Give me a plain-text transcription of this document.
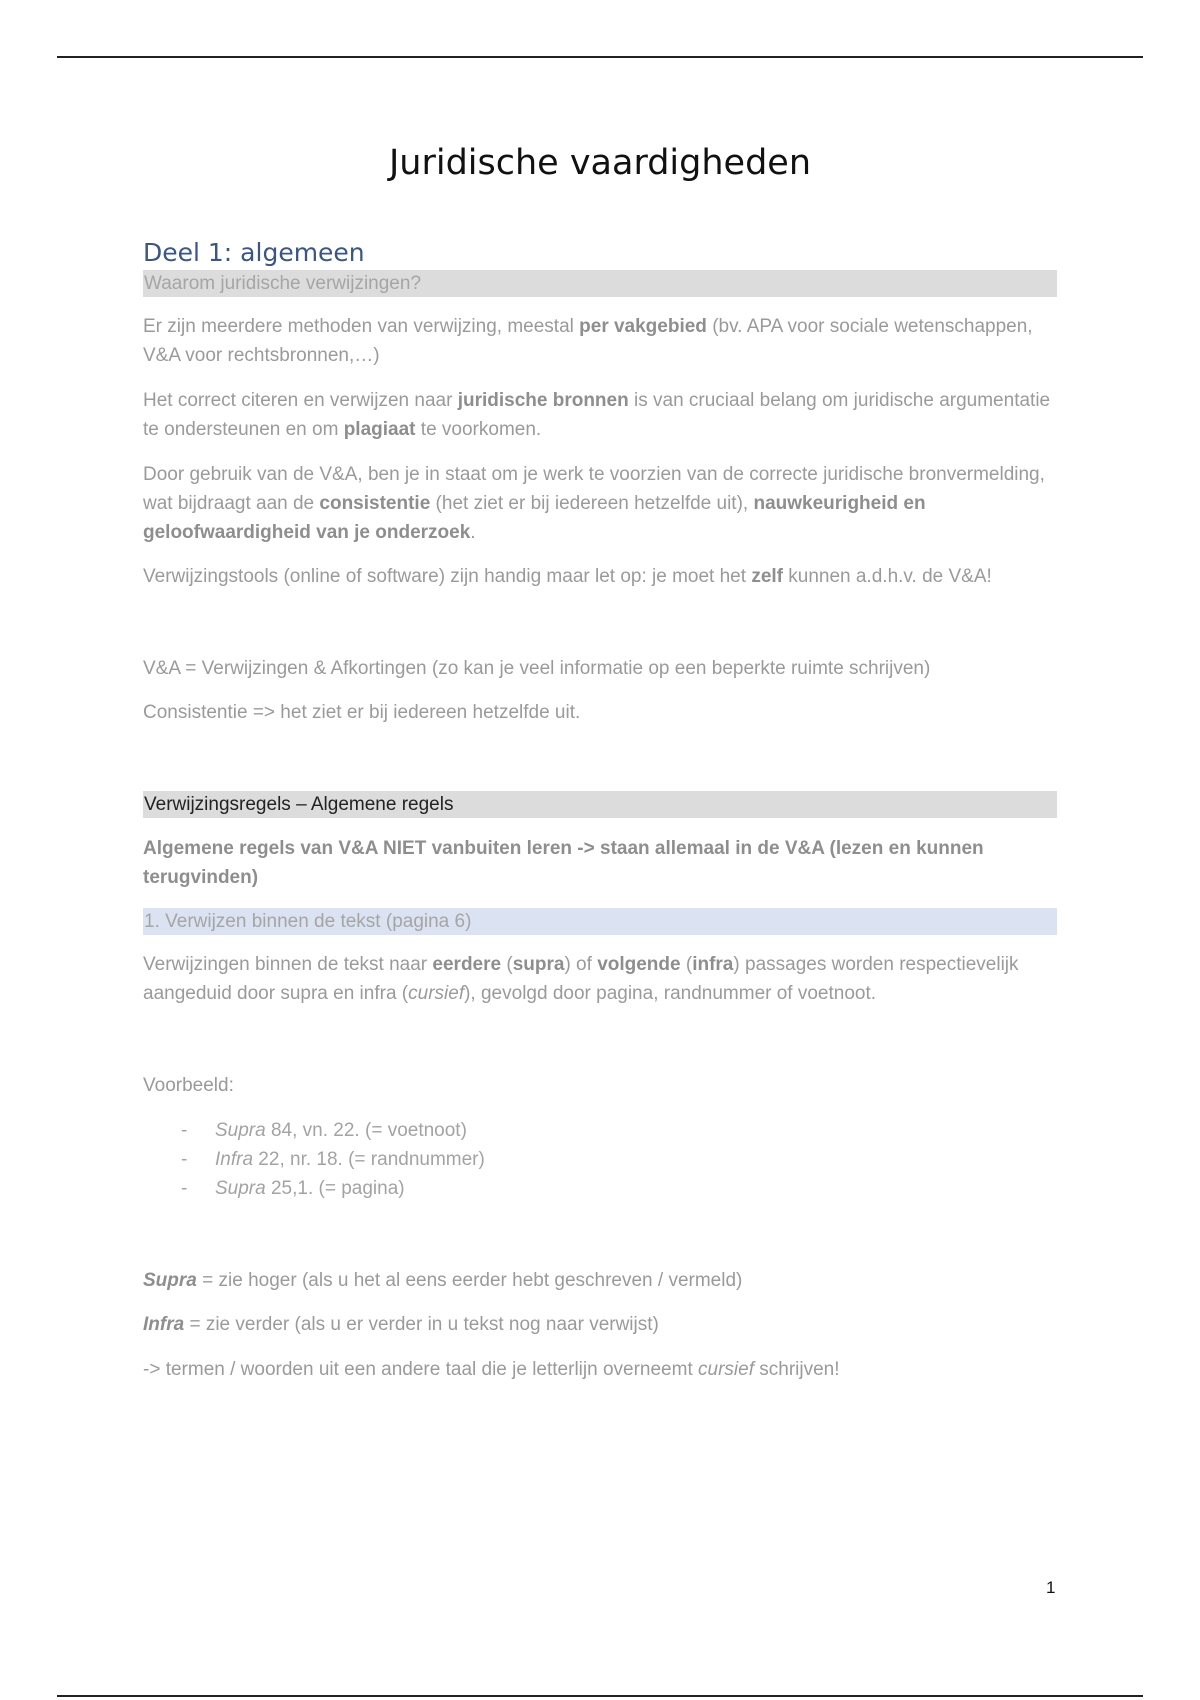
Juridische vaardigheden
Deel 1: algemeen
Waarom juridische verwijzingen?

Er zijn meerdere methoden van verwijzing, meestal per vakgebied (bv. APA voor sociale wetenschappen, V&A voor rechtsbronnen,…)

Het correct citeren en verwijzen naar juridische bronnen is van cruciaal belang om juridische argumentatie te ondersteunen en om plagiaat te voorkomen.

Door gebruik van de V&A, ben je in staat om je werk te voorzien van de correcte juridische bronvermelding, wat bijdraagt aan de consistentie (het ziet er bij iedereen hetzelfde uit), nauwkeurigheid en geloofwaardigheid van je onderzoek.

Verwijzingstools (online of software) zijn handig maar let op: je moet het zelf kunnen a.d.h.v. de V&A!

V&A = Verwijzingen & Afkortingen (zo kan je veel informatie op een beperkte ruimte schrijven)

Consistentie => het ziet er bij iedereen hetzelfde uit.

Verwijzingsregels – Algemene regels

Algemene regels van V&A NIET vanbuiten leren -> staan allemaal in de V&A (lezen en kunnen terugvinden)

1. Verwijzen binnen de tekst (pagina 6)

Verwijzingen binnen de tekst naar eerdere (supra) of volgende (infra) passages worden respectievelijk aangeduid door supra en infra (cursief), gevolgd door pagina, randnummer of voetnoot.

Voorbeeld:

- Supra 84, vn. 22. (= voetnoot)
- Infra 22, nr. 18. (= randnummer)
- Supra 25,1. (= pagina)

Supra = zie hoger (als u het al eens eerder hebt geschreven / vermeld)

Infra = zie verder (als u er verder in u tekst nog naar verwijst)

-> termen / woorden uit een andere taal die je letterlijn overneemt cursief schrijven!

1
